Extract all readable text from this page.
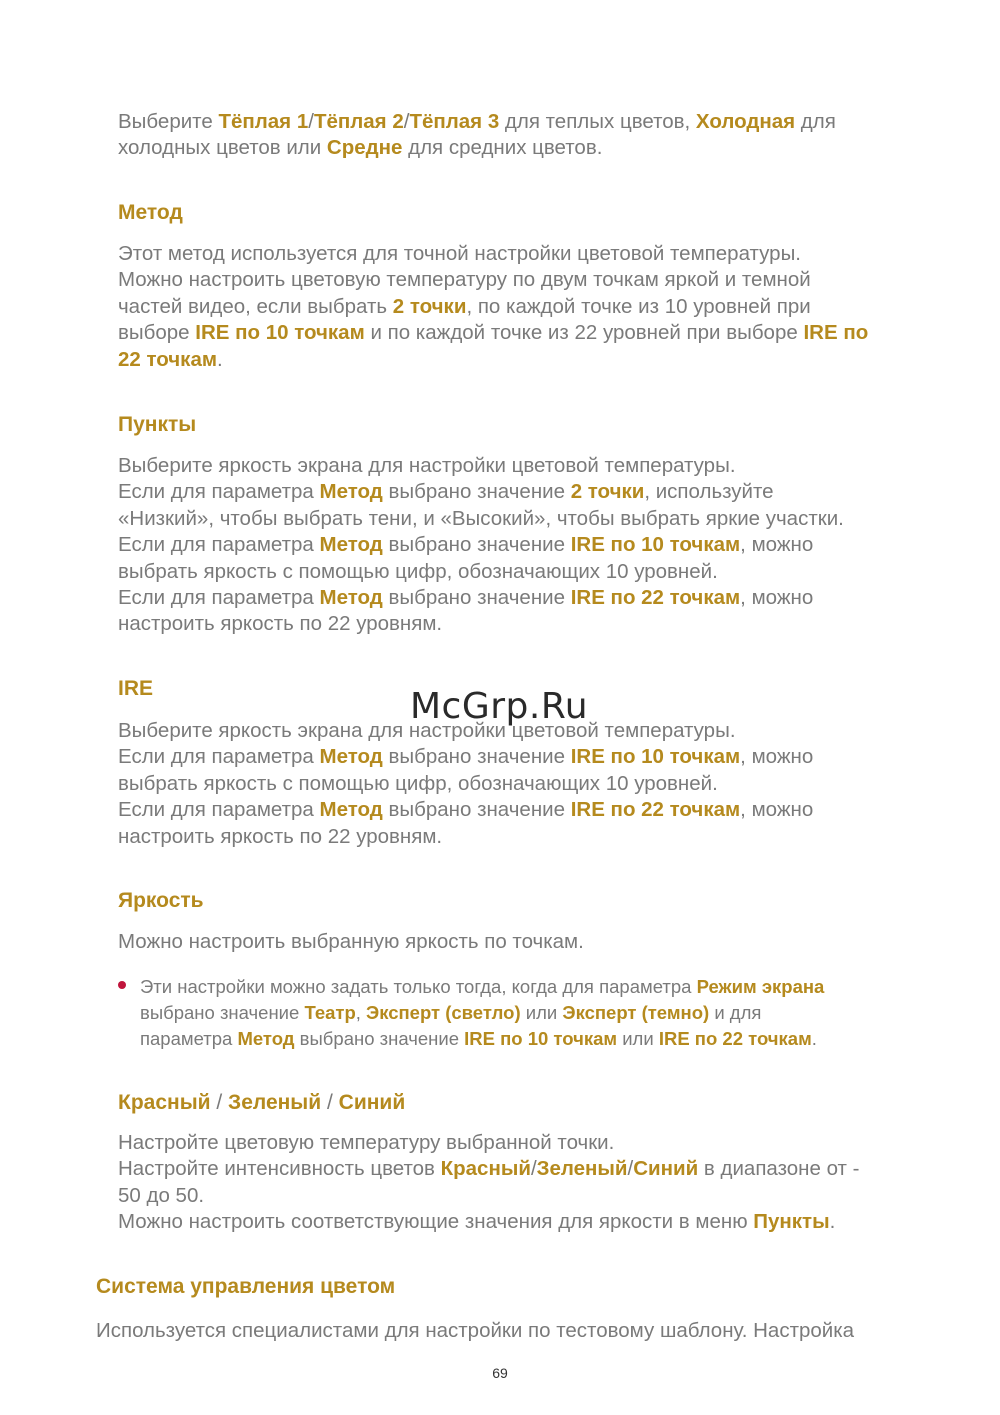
Выберите Тёплая 1/Тёплая 2/Тёплая 3 для теплых цветов, Холодная для
холодных цветов или Средне для средних цветов.
Метод
Этот метод используется для точной настройки цветовой температуры.
Можно настроить цветовую температуру по двум точкам яркой и темной
частей видео, если выбрать 2 точки, по каждой точке из 10 уровней при
выборе IRE по 10 точкам и по каждой точке из 22 уровней при выборе IRE по
22 точкам.
Пункты
Выберите яркость экрана для настройки цветовой температуры.
Если для параметра Метод выбрано значение 2 точки, используйте
«Низкий», чтобы выбрать тени, и «Высокий», чтобы выбрать яркие участки.
Если для параметра Метод выбрано значение IRE по 10 точкам, можно
выбрать яркость с помощью цифр, обозначающих 10 уровней.
Если для параметра Метод выбрано значение IRE по 22 точкам, можно
настроить яркость по 22 уровням.
IRE
Выберите яркость экрана для настройки цветовой температуры.
Если для параметра Метод выбрано значение IRE по 10 точкам, можно
выбрать яркость с помощью цифр, обозначающих 10 уровней.
Если для параметра Метод выбрано значение IRE по 22 точкам, можно
настроить яркость по 22 уровням.
McGrp.Ru
Яркость
Можно настроить выбранную яркость по точкам.
Эти настройки можно задать только тогда, когда для параметра Режим экрана
выбрано значение Театр, Эксперт (светло) или Эксперт (темно) и для
параметра Метод выбрано значение IRE по 10 точкам или IRE по 22 точкам.
Красный / Зеленый / Синий
Настройте цветовую температуру выбранной точки.
Настройте интенсивность цветов Красный/Зеленый/Синий в диапазоне от -
50 до 50.
Можно настроить соответствующие значения для яркости в меню Пункты.
Система управления цветом
Используется специалистами для настройки по тестовому шаблону. Настройка
69
